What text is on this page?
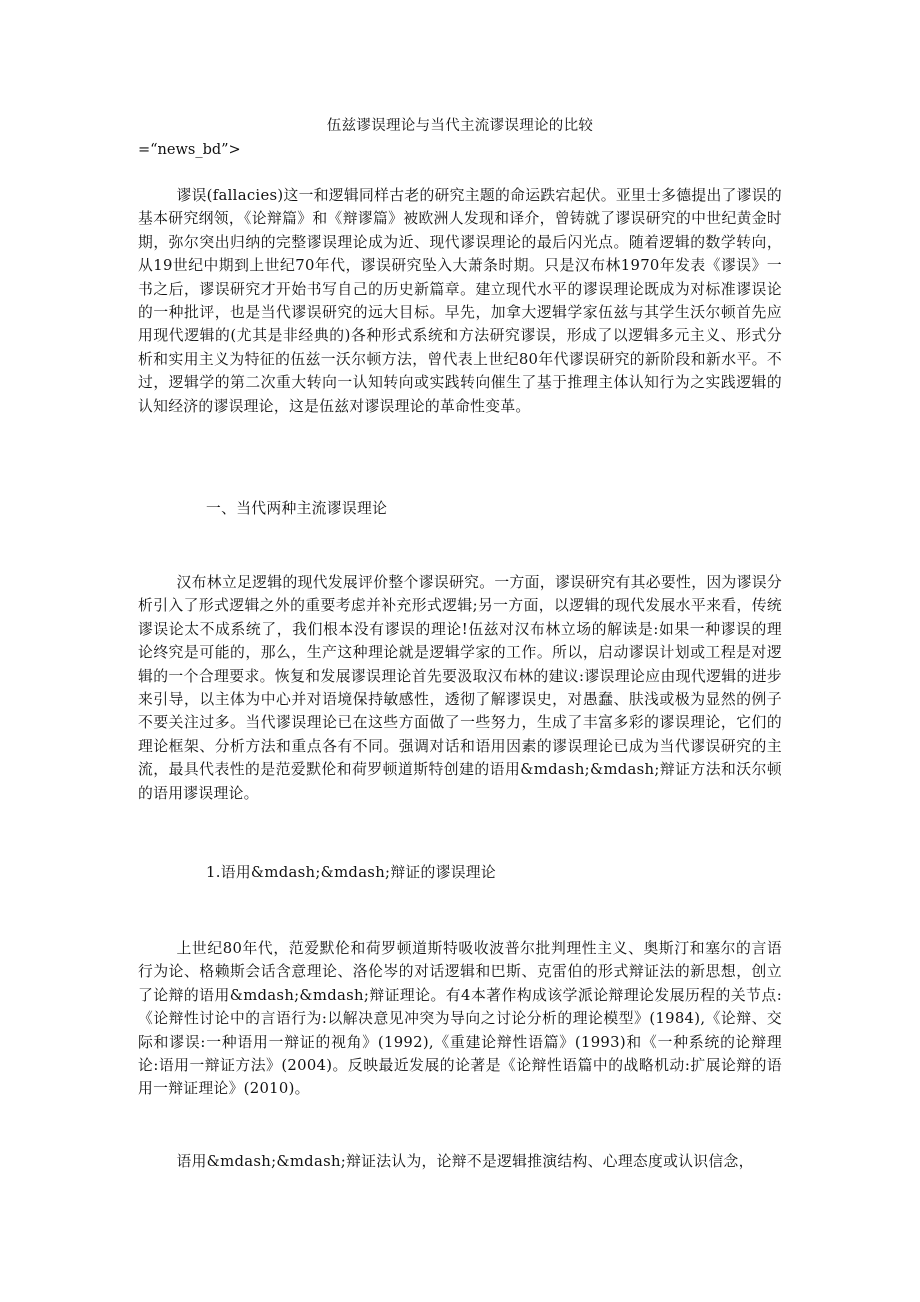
伍兹谬误理论与当代主流谬误理论的比较
=“news_bd”>

谬误(fallacies)这一和逻辑同样古老的研究主题的命运跌宕起伏。亚里士多德提出了谬误的基本研究纲领，《论辩篇》和《辩谬篇》被欧洲人发现和译介，曾铸就了谬误研究的中世纪黄金时期，弥尔突出归纳的完整谬误理论成为近、现代谬误理论的最后闪光点。随着逻辑的数学转向，从19世纪中期到上世纪70年代，谬误研究坠入大萧条时期。只是汉布林1970年发表《谬误》一书之后，谬误研究才开始书写自己的历史新篇章。建立现代水平的谬误理论既成为对标准谬误论的一种批评，也是当代谬误研究的远大目标。早先，加拿大逻辑学家伍兹与其学生沃尔顿首先应用现代逻辑的(尤其是非经典的)各种形式系统和方法研究谬误，形成了以逻辑多元主义、形式分析和实用主义为特征的伍兹一沃尔顿方法，曾代表上世纪80年代谬误研究的新阶段和新水平。不过，逻辑学的第二次重大转向一认知转向或实践转向催生了基于推理主体认知行为之实践逻辑的认知经济的谬误理论，这是伍兹对谬误理论的革命性变革。

一、当代两种主流谬误理论

汉布林立足逻辑的现代发展评价整个谬误研究。一方面，谬误研究有其必要性，因为谬误分析引入了形式逻辑之外的重要考虑并补充形式逻辑;另一方面，以逻辑的现代发展水平来看，传统谬误论太不成系统了，我们根本没有谬误的理论!伍兹对汉布林立场的解读是:如果一种谬误的理论终究是可能的，那么，生产这种理论就是逻辑学家的工作。所以，启动谬误计划或工程是对逻辑的一个合理要求。恢复和发展谬误理论首先要汲取汉布林的建议:谬误理论应由现代逻辑的进步来引导，以主体为中心并对语境保持敏感性，透彻了解谬误史，对愚蠢、肤浅或极为显然的例子不要关注过多。当代谬误理论已在这些方面做了一些努力，生成了丰富多彩的谬误理论，它们的理论框架、分析方法和重点各有不同。强调对话和语用因素的谬误理论已成为当代谬误研究的主流，最具代表性的是范爱默伦和荷罗顿道斯特创建的语用&mdash;&mdash;辩证方法和沃尔顿的语用谬误理论。

1.语用&mdash;&mdash;辩证的谬误理论

上世纪80年代，范爱默伦和荷罗顿道斯特吸收波普尔批判理性主义、奥斯汀和塞尔的言语行为论、格赖斯会话含意理论、洛伦岑的对话逻辑和巴斯、克雷伯的形式辩证法的新思想，创立了论辩的语用&mdash;&mdash;辩证理论。有4本著作构成该学派论辩理论发展历程的关节点:《论辩性讨论中的言语行为:以解决意见冲突为导向之讨论分析的理论模型》(1984),《论辩、交际和谬误:一种语用一辩证的视角》(1992),《重建论辩性语篇》(1993)和《一种系统的论辩理论:语用一辩证方法》(2004)。反映最近发展的论著是《论辩性语篇中的战略机动:扩展论辩的语用一辩证理论》(2010)。

语用&mdash;&mdash;辩证法认为，论辩不是逻辑推演结构、心理态度或认识信念，
